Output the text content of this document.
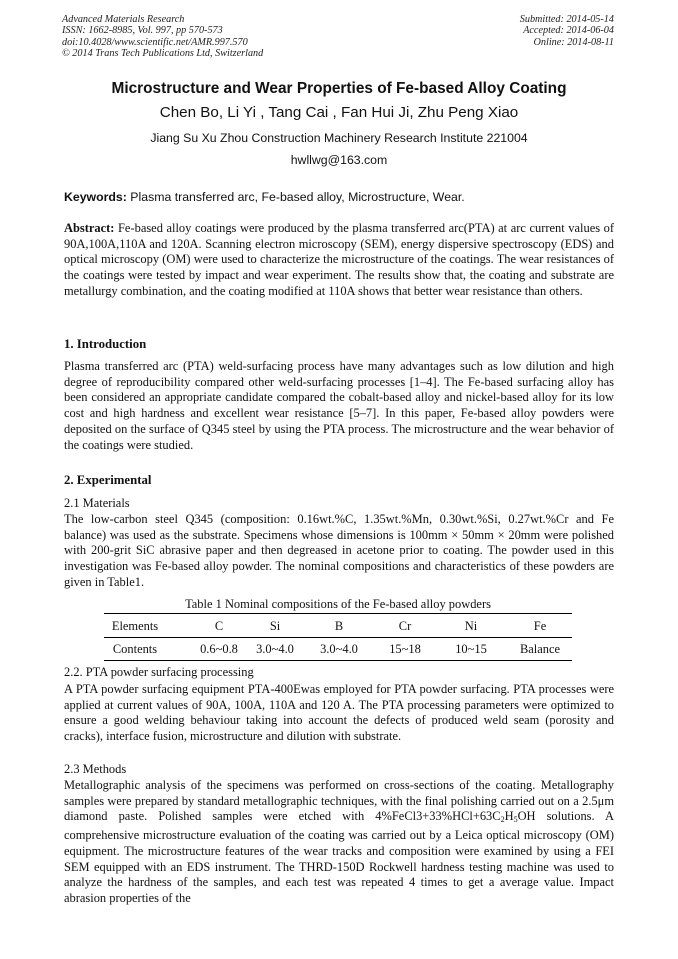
Advanced Materials Research
ISSN: 1662-8985, Vol. 997, pp 570-573
doi:10.4028/www.scientific.net/AMR.997.570
© 2014 Trans Tech Publications Ltd, Switzerland
Submitted: 2014-05-14
Accepted: 2014-06-04
Online: 2014-08-11
Microstructure and Wear Properties of Fe-based Alloy Coating
Chen Bo, Li Yi , Tang Cai , Fan Hui Ji, Zhu Peng Xiao
Jiang Su Xu Zhou Construction Machinery Research Institute 221004
hwllwg@163.com
Keywords: Plasma transferred arc, Fe-based alloy, Microstructure, Wear.

Abstract: Fe-based alloy coatings were produced by the plasma transferred arc(PTA) at arc current values of 90A,100A,110A and 120A. Scanning electron microscopy (SEM), energy dispersive spectroscopy (EDS) and optical microscopy (OM) were used to characterize the microstructure of the coatings. The wear resistances of the coatings were tested by impact and wear experiment. The results show that, the coating and substrate are metallurgy combination, and the coating modified at 110A shows that better wear resistance than others.

1. Introduction

Plasma transferred arc (PTA) weld-surfacing process have many advantages such as low dilution and high degree of reproducibility compared other weld-surfacing processes [1–4]. The Fe-based surfacing alloy has been considered an appropriate candidate compared the cobalt-based alloy and nickel-based alloy for its low cost and high hardness and excellent wear resistance [5–7]. In this paper, Fe-based alloy powders were deposited on the surface of Q345 steel by using the PTA process. The microstructure and the wear behavior of the coatings were studied.

2. Experimental
2.1 Materials

The low-carbon steel Q345 (composition: 0.16wt.%C, 1.35wt.%Mn, 0.30wt.%Si, 0.27wt.%Cr and Fe balance) was used as the substrate. Specimens whose dimensions is 100mm × 50mm × 20mm were polished with 200-grit SiC abrasive paper and then degreased in acetone prior to coating. The powder used in this investigation was Fe-based alloy powder. The nominal compositions and characteristics of these powders are given in Table1.

Table 1 Nominal compositions of the Fe-based alloy powders
Elements	C	Si	B	Cr	Ni	Fe
Contents	0.6~0.8	3.0~4.0	3.0~4.0	15~18	10~15	Balance
2.2. PTA powder surfacing processing

A PTA powder surfacing equipment PTA-400Ewas employed for PTA powder surfacing. PTA processes were applied at current values of 90A, 100A, 110A and 120 A. The PTA processing parameters were optimized to ensure a good welding behaviour taking into account the defects of produced weld seam (porosity and cracks), interface fusion, microstructure and dilution with substrate.

2.3 Methods

Metallographic analysis of the specimens was performed on cross-sections of the coating. Metallography samples were prepared by standard metallographic techniques, with the final polishing carried out on a 2.5μm diamond paste. Polished samples were etched with $4\%FeCl3+33\%HCl+63C_2H_5OH$ solutions. A comprehensive microstructure evaluation of the coating was carried out by a Leica optical microscopy (OM) equipment. The microstructure features of the wear tracks and composition were examined by using a FEI SEM equipped with an EDS instrument. The THRD-150D Rockwell hardness testing machine was used to analyze the hardness of the samples, and each test was repeated 4 times to get a average value. Impact abrasion properties of the
